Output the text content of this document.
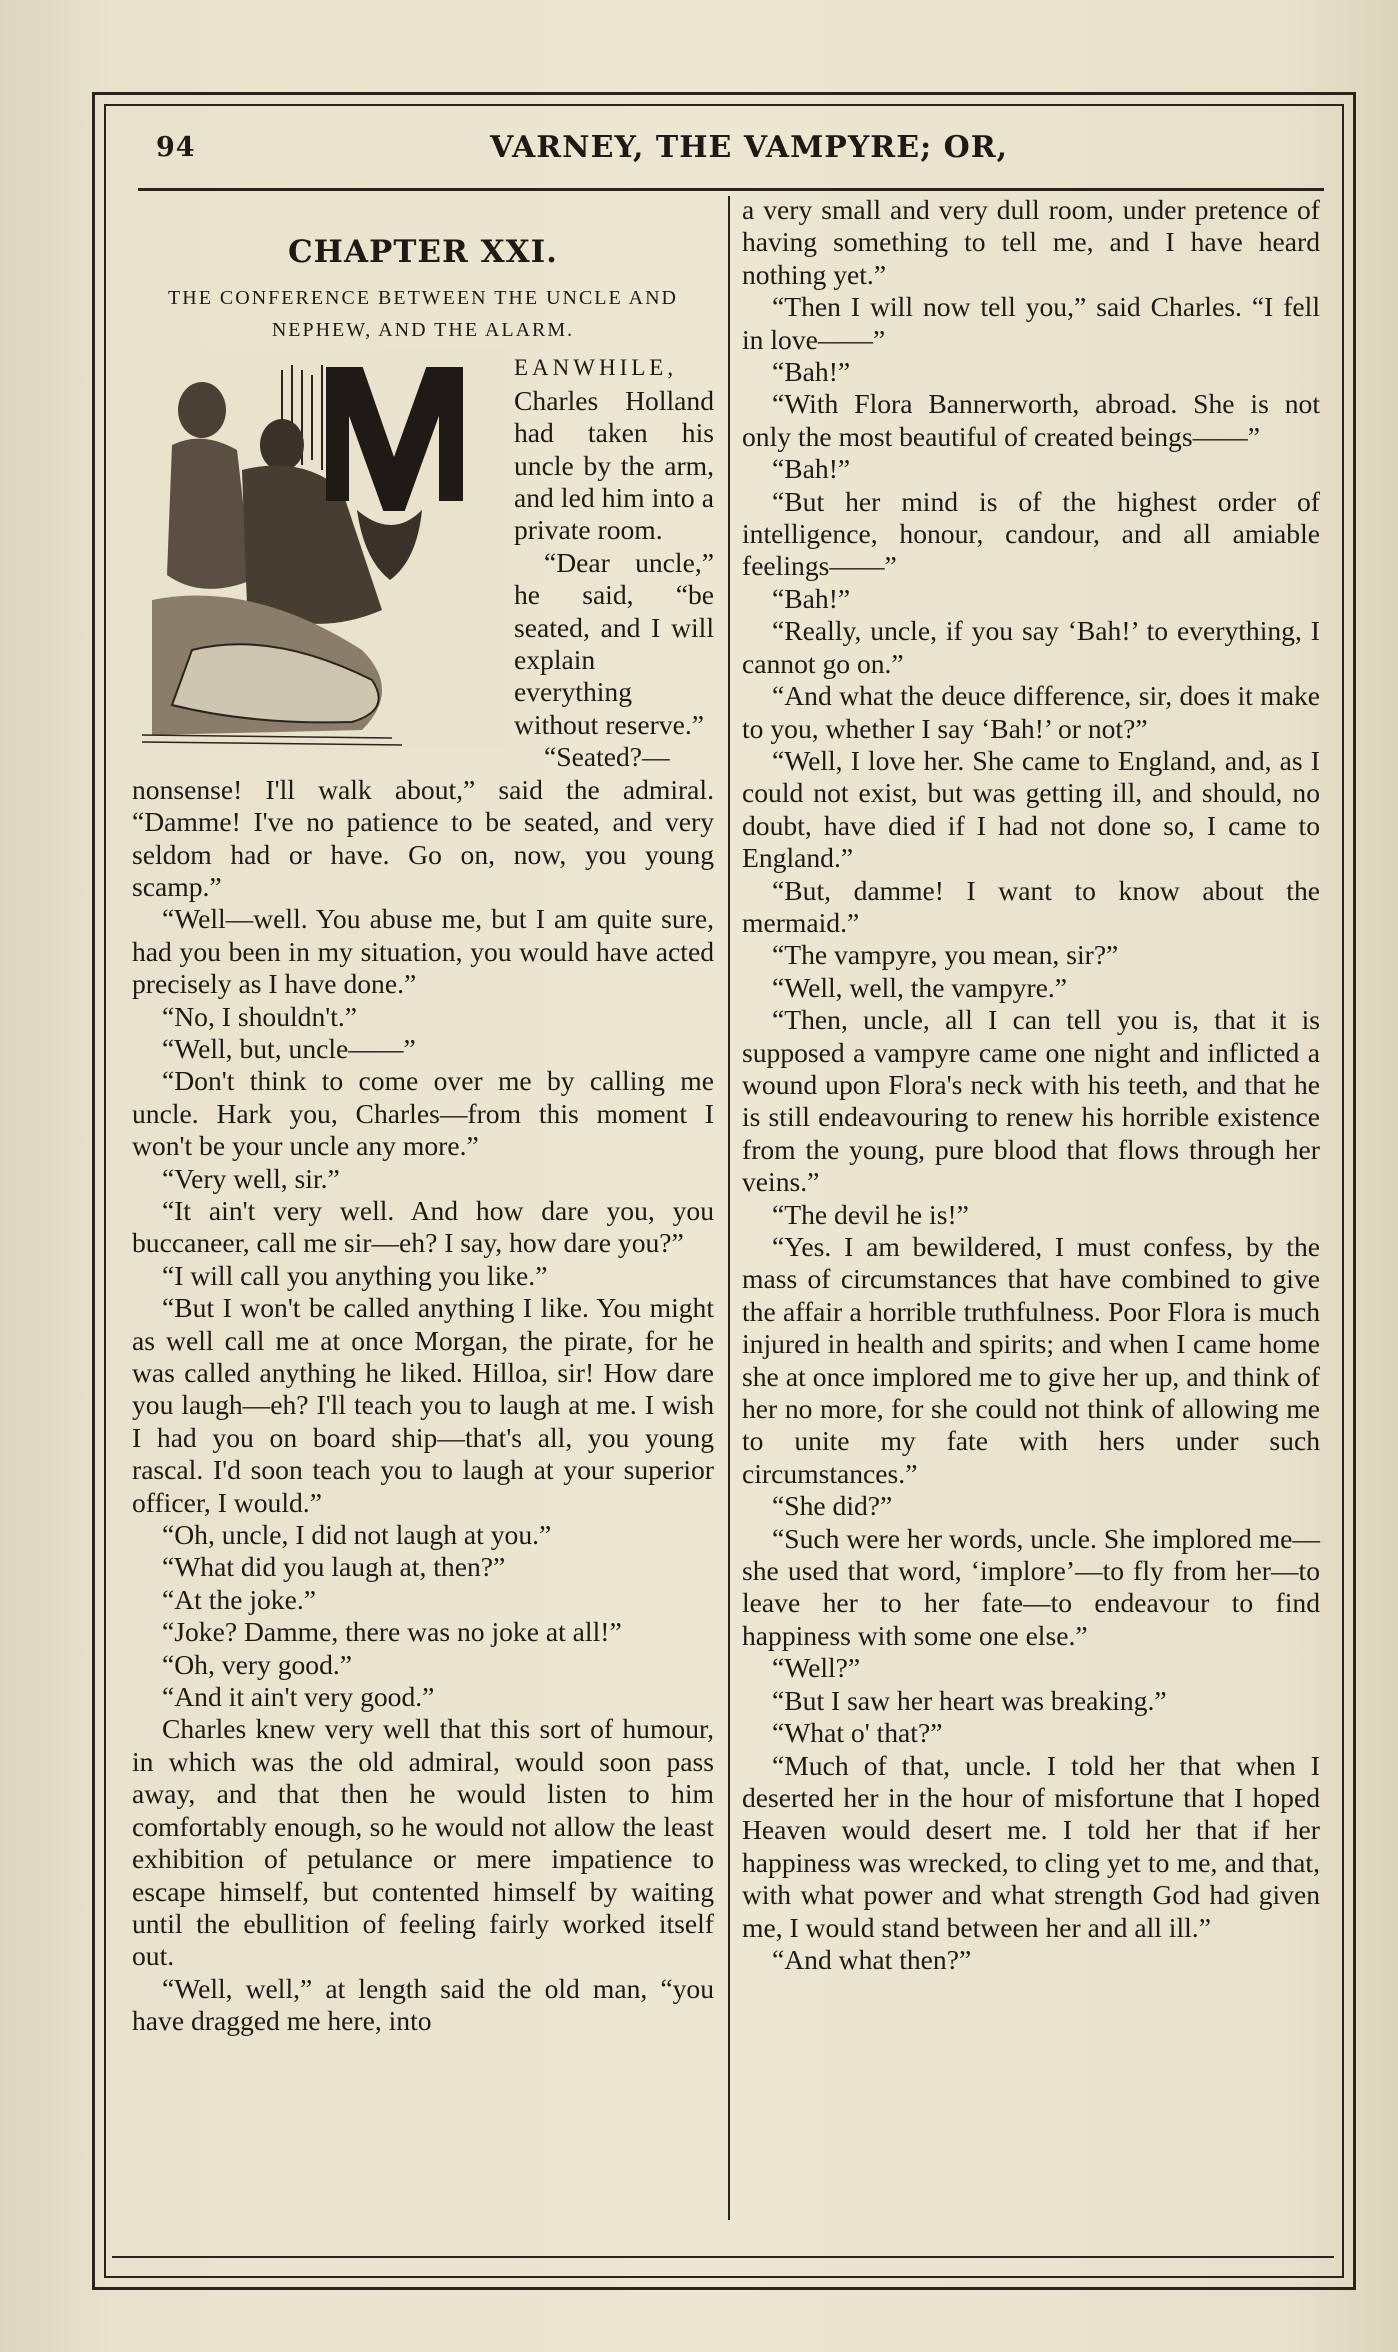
94	VARNEY, THE VAMPYRE; OR,
CHAPTER XXI.
THE CONFERENCE BETWEEN THE UNCLE AND NEPHEW, AND THE ALARM.

EANWHILE, Charles Holland had taken his uncle by the arm, and led him into a private room.

“Dear uncle,” he said, “be seated, and I will explain everything without reserve.”

“Seated?—nonsense! I'll walk about,” said the admiral. “Damme! I've no patience to be seated, and very seldom had or have. Go on, now, you young scamp.”

“Well—well. You abuse me, but I am quite sure, had you been in my situation, you would have acted precisely as I have done.”

“No, I shouldn't.”

“Well, but, uncle——”

“Don't think to come over me by calling me uncle. Hark you, Charles—from this moment I won't be your uncle any more.”

“Very well, sir.”

“It ain't very well. And how dare you, you buccaneer, call me sir—eh? I say, how dare you?”

“I will call you anything you like.”

“But I won't be called anything I like. You might as well call me at once Morgan, the pirate, for he was called anything he liked. Hilloa, sir! How dare you laugh—eh? I'll teach you to laugh at me. I wish I had you on board ship—that's all, you young rascal. I'd soon teach you to laugh at your superior officer, I would.”

“Oh, uncle, I did not laugh at you.”

“What did you laugh at, then?”

“At the joke.”

“Joke? Damme, there was no joke at all!”

“Oh, very good.”

“And it ain't very good.”

Charles knew very well that this sort of humour, in which was the old admiral, would soon pass away, and that then he would listen to him comfortably enough, so he would not allow the least exhibition of petulance or mere impatience to escape himself, but contented himself by waiting until the ebullition of feeling fairly worked itself out.

“Well, well,” at length said the old man, “you have dragged me here, into

a very small and very dull room, under pretence of having something to tell me, and I have heard nothing yet.”

“Then I will now tell you,” said Charles. “I fell in love——”

“Bah!”

“With Flora Bannerworth, abroad. She is not only the most beautiful of created beings——”

“Bah!”

“But her mind is of the highest order of intelligence, honour, candour, and all amiable feelings——”

“Bah!”

“Really, uncle, if you say ‘Bah!’ to everything, I cannot go on.”

“And what the deuce difference, sir, does it make to you, whether I say ‘Bah!’ or not?”

“Well, I love her. She came to England, and, as I could not exist, but was getting ill, and should, no doubt, have died if I had not done so, I came to England.”

“But, damme! I want to know about the mermaid.”

“The vampyre, you mean, sir?”

“Well, well, the vampyre.”

“Then, uncle, all I can tell you is, that it is supposed a vampyre came one night and inflicted a wound upon Flora's neck with his teeth, and that he is still endeavouring to renew his horrible existence from the young, pure blood that flows through her veins.”

“The devil he is!”

“Yes. I am bewildered, I must confess, by the mass of circumstances that have combined to give the affair a horrible truthfulness. Poor Flora is much injured in health and spirits; and when I came home she at once implored me to give her up, and think of her no more, for she could not think of allowing me to unite my fate with hers under such circumstances.”

“She did?”

“Such were her words, uncle. She implored me—she used that word, ‘implore’—to fly from her—to leave her to her fate—to endeavour to find happiness with some one else.”

“Well?”

“But I saw her heart was breaking.”

“What o' that?”

“Much of that, uncle. I told her that when I deserted her in the hour of misfortune that I hoped Heaven would desert me. I told her that if her happiness was wrecked, to cling yet to me, and that, with what power and what strength God had given me, I would stand between her and all ill.”

“And what then?”
